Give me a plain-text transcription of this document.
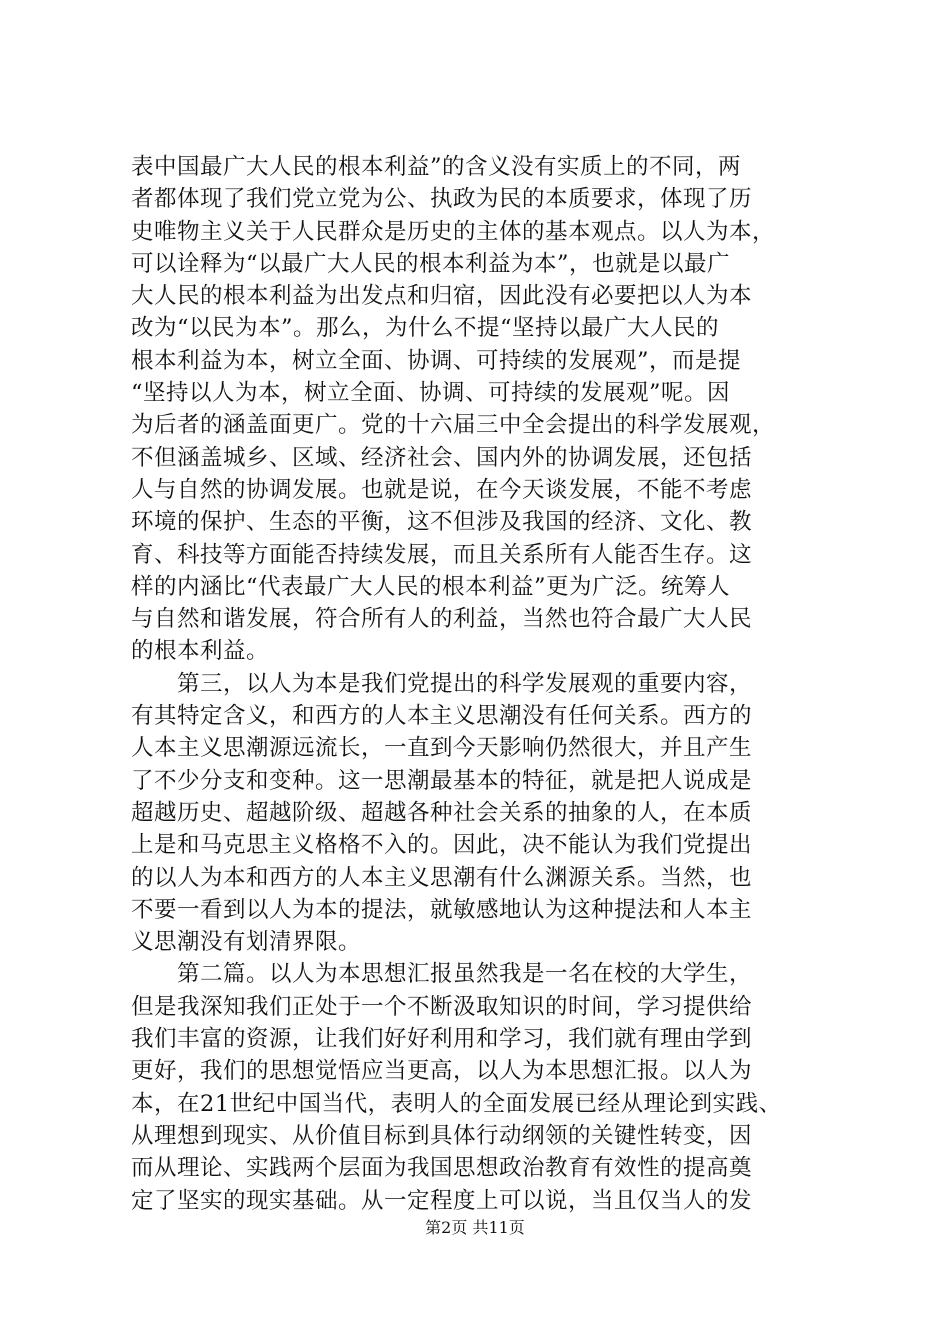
表中国最广大人民的根本利益”的含义没有实质上的不同，两
者都体现了我们党立党为公、执政为民的本质要求，体现了历
史唯物主义关于人民群众是历史的主体的基本观点。以人为本，
可以诠释为“以最广大人民的根本利益为本”，也就是以最广
大人民的根本利益为出发点和归宿，因此没有必要把以人为本
改为“以民为本”。那么，为什么不提“坚持以最广大人民的
根本利益为本，树立全面、协调、可持续的发展观”，而是提
“坚持以人为本，树立全面、协调、可持续的发展观”呢。因
为后者的涵盖面更广。党的十六届三中全会提出的科学发展观，
不但涵盖城乡、区域、经济社会、国内外的协调发展，还包括
人与自然的协调发展。也就是说，在今天谈发展，不能不考虑
环境的保护、生态的平衡，这不但涉及我国的经济、文化、教
育、科技等方面能否持续发展，而且关系所有人能否生存。这
样的内涵比“代表最广大人民的根本利益”更为广泛。统筹人
与自然和谐发展，符合所有人的利益，当然也符合最广大人民
的根本利益。
第三，以人为本是我们党提出的科学发展观的重要内容，
有其特定含义，和西方的人本主义思潮没有任何关系。西方的
人本主义思潮源远流长，一直到今天影响仍然很大，并且产生
了不少分支和变种。这一思潮最基本的特征，就是把人说成是
超越历史、超越阶级、超越各种社会关系的抽象的人，在本质
上是和马克思主义格格不入的。因此，决不能认为我们党提出
的以人为本和西方的人本主义思潮有什么渊源关系。当然，也
不要一看到以人为本的提法，就敏感地认为这种提法和人本主
义思潮没有划清界限。
第二篇。以人为本思想汇报虽然我是一名在校的大学生，
但是我深知我们正处于一个不断汲取知识的时间，学习提供给
我们丰富的资源，让我们好好利用和学习，我们就有理由学到
更好，我们的思想觉悟应当更高，以人为本思想汇报。以人为
本，在21世纪中国当代，表明人的全面发展已经从理论到实践、
从理想到现实、从价值目标到具体行动纲领的关键性转变，因
而从理论、实践两个层面为我国思想政治教育有效性的提高奠
定了坚实的现实基础。从一定程度上可以说，当且仅当人的发
第2页 共11页
